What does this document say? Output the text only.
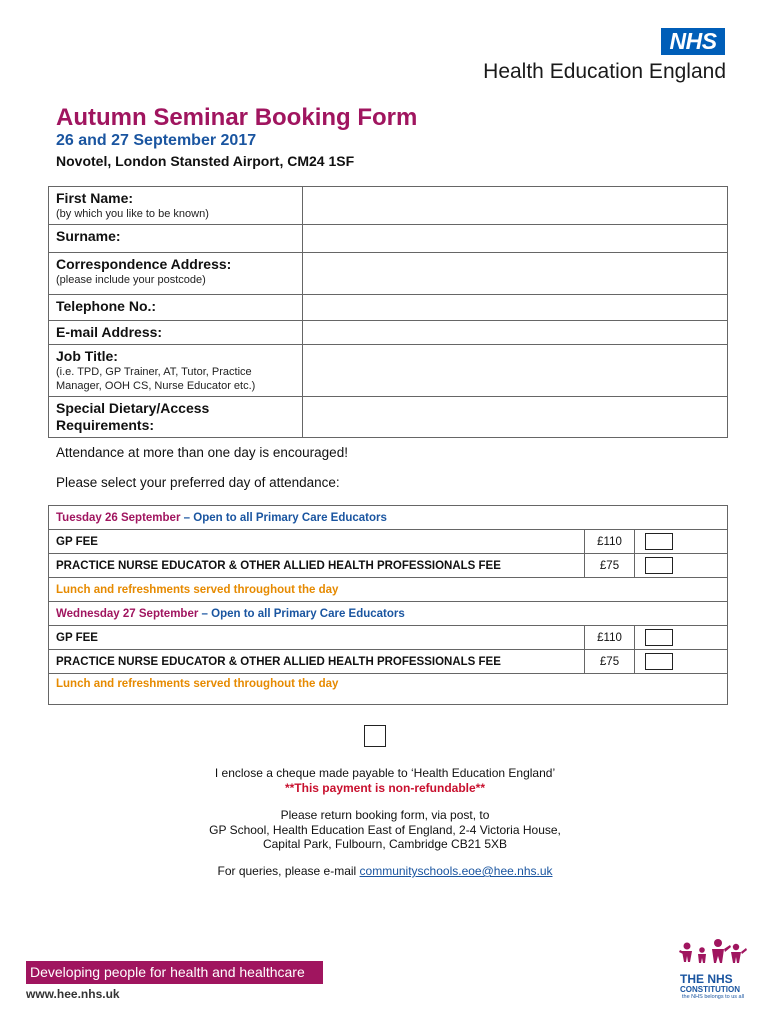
NHS
Health Education England
Autumn Seminar Booking Form
26 and 27 September 2017
Novotel, London Stansted Airport, CM24 1SF
First Name:
(by which you like to be known)	

Surname:	

Correspondence Address:
(please include your postcode)	

Telephone No.:	

E-mail Address:	

Job Title:
(i.e. TPD, GP Trainer, AT, Tutor, Practice Manager, OOH CS, Nurse Educator etc.)	

Special Dietary/Access Requirements:	

Attendance at more than one day is encouraged!
Please select your preferred day of attendance:
Tuesday 26 September – Open to all Primary Care Educators		
GP FEE	£110	

PRACTICE NURSE EDUCATOR & OTHER ALLIED HEALTH PROFESSIONALS FEE	£75	

Lunch and refreshments served throughout the day		
Wednesday 27 September – Open to all Primary Care Educators		
GP FEE	£110	

PRACTICE NURSE EDUCATOR & OTHER ALLIED HEALTH PROFESSIONALS FEE	£75	

Lunch and refreshments served throughout the day		
I enclose a cheque made payable to ‘Health Education England’
**This payment is non-refundable**
Please return booking form, via post, to
GP School, Health Education East of England, 2-4 Victoria House,
Capital Park, Fulbourn, Cambridge CB21 5XB
For queries, please e-mail communityschools.eoe@hee.nhs.uk
Developing people for health and healthcare
www.hee.nhs.uk
THE NHS
CONSTITUTION
the NHS belongs to us all
